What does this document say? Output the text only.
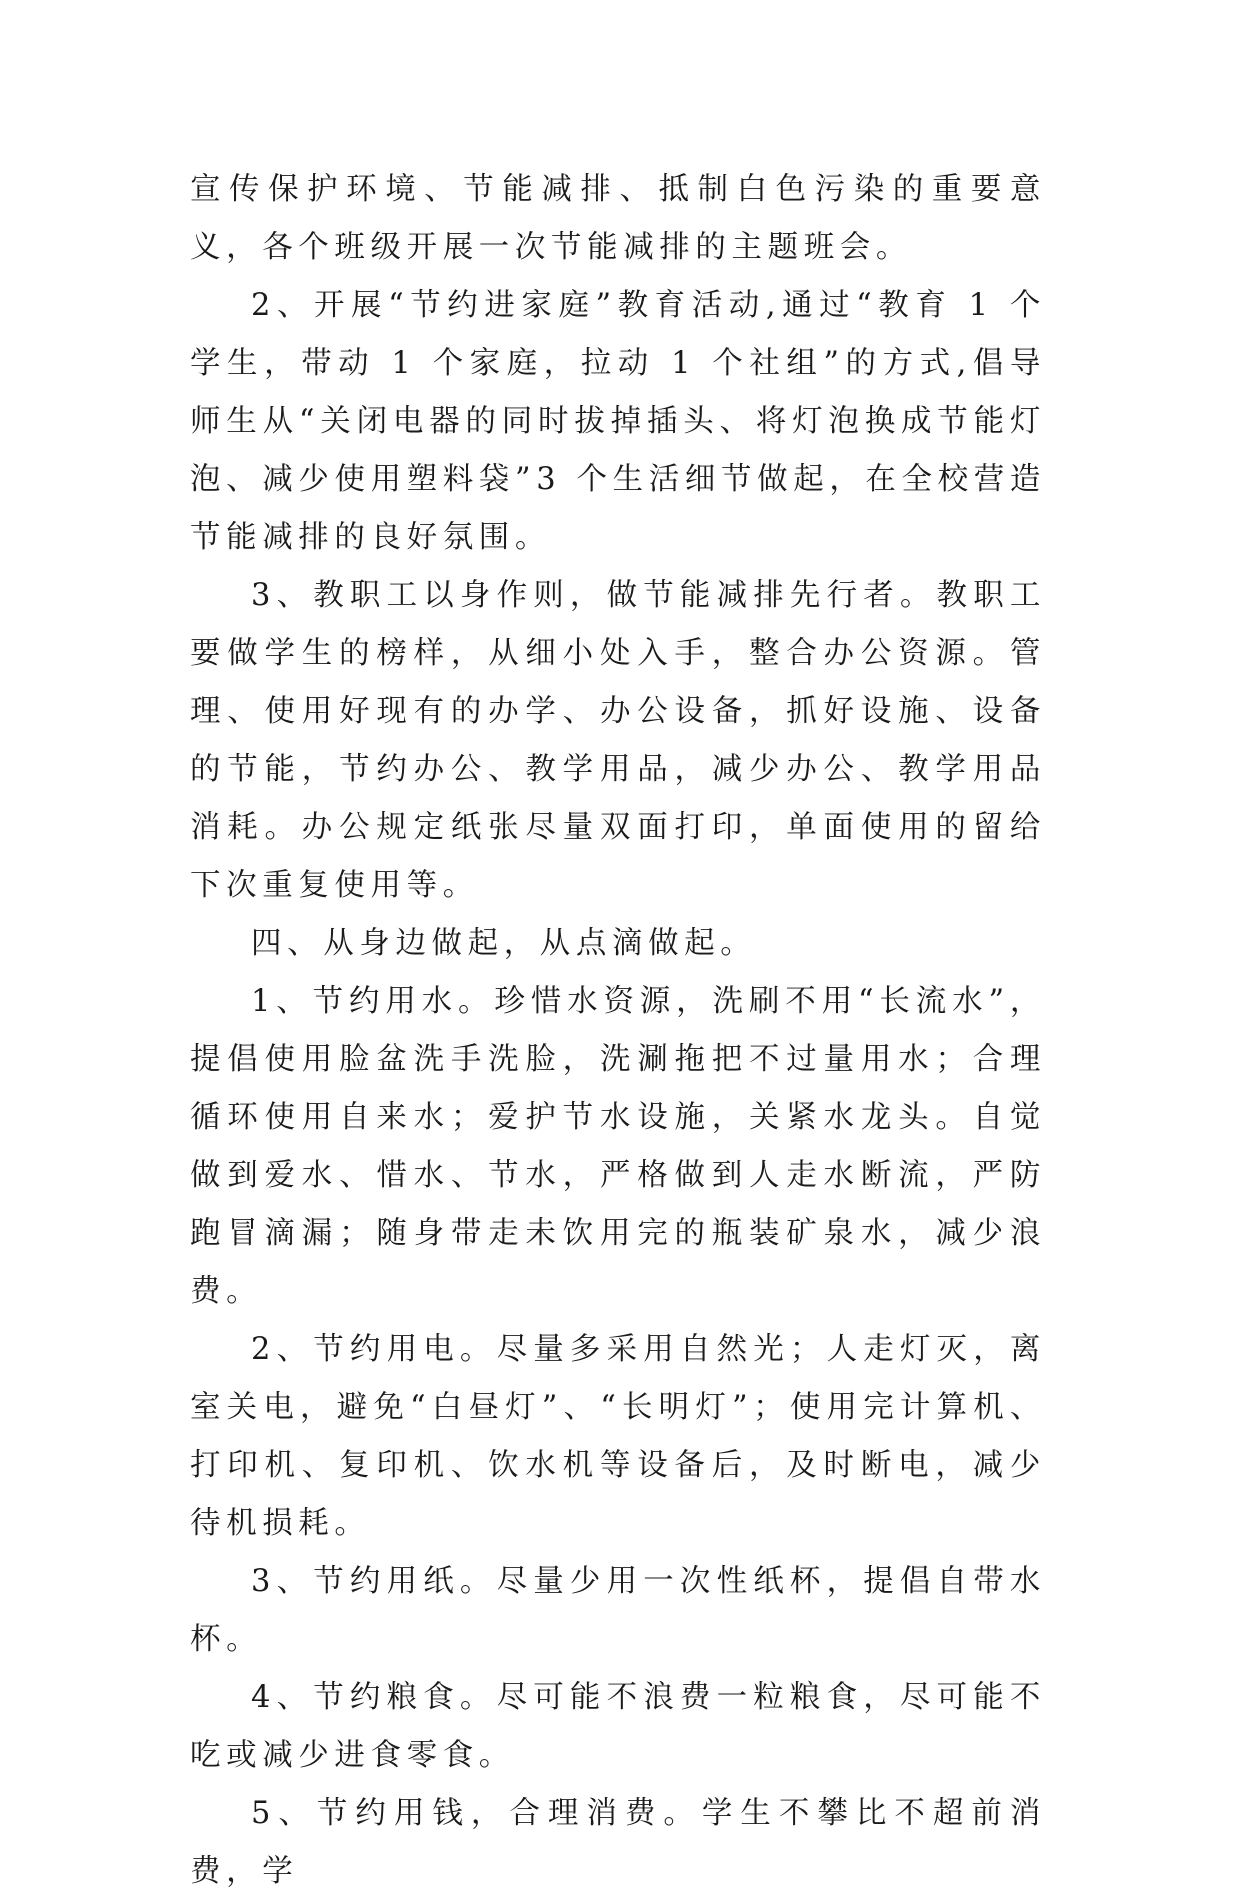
宣传保护环境、节能减排、抵制白色污染的重要意义，各个班级开展一次节能减排的主题班会。

2、开展“节约进家庭”教育活动,通过“教育 1 个学生，带动 1 个家庭，拉动 1 个社组”的方式,倡导师生从“关闭电器的同时拔掉插头、将灯泡换成节能灯泡、减少使用塑料袋”3 个生活细节做起，在全校营造节能减排的良好氛围。

3、教职工以身作则，做节能减排先行者。教职工要做学生的榜样，从细小处入手，整合办公资源。管理、使用好现有的办学、办公设备，抓好设施、设备的节能，节约办公、教学用品，减少办公、教学用品消耗。办公规定纸张尽量双面打印，单面使用的留给下次重复使用等。

四、从身边做起，从点滴做起。

1、节约用水。珍惜水资源，洗刷不用“长流水”，提倡使用脸盆洗手洗脸，洗涮拖把不过量用水；合理循环使用自来水；爱护节水设施，关紧水龙头。自觉做到爱水、惜水、节水，严格做到人走水断流，严防跑冒滴漏；随身带走未饮用完的瓶装矿泉水，减少浪费。

2、节约用电。尽量多采用自然光；人走灯灭，离室关电，避免“白昼灯”、“长明灯”；使用完计算机、打印机、复印机、饮水机等设备后，及时断电，减少待机损耗。

3、节约用纸。尽量少用一次性纸杯，提倡自带水杯。

4、节约粮食。尽可能不浪费一粒粮食，尽可能不吃或减少进食零食。

5、节约用钱，合理消费。学生不攀比不超前消费，学
